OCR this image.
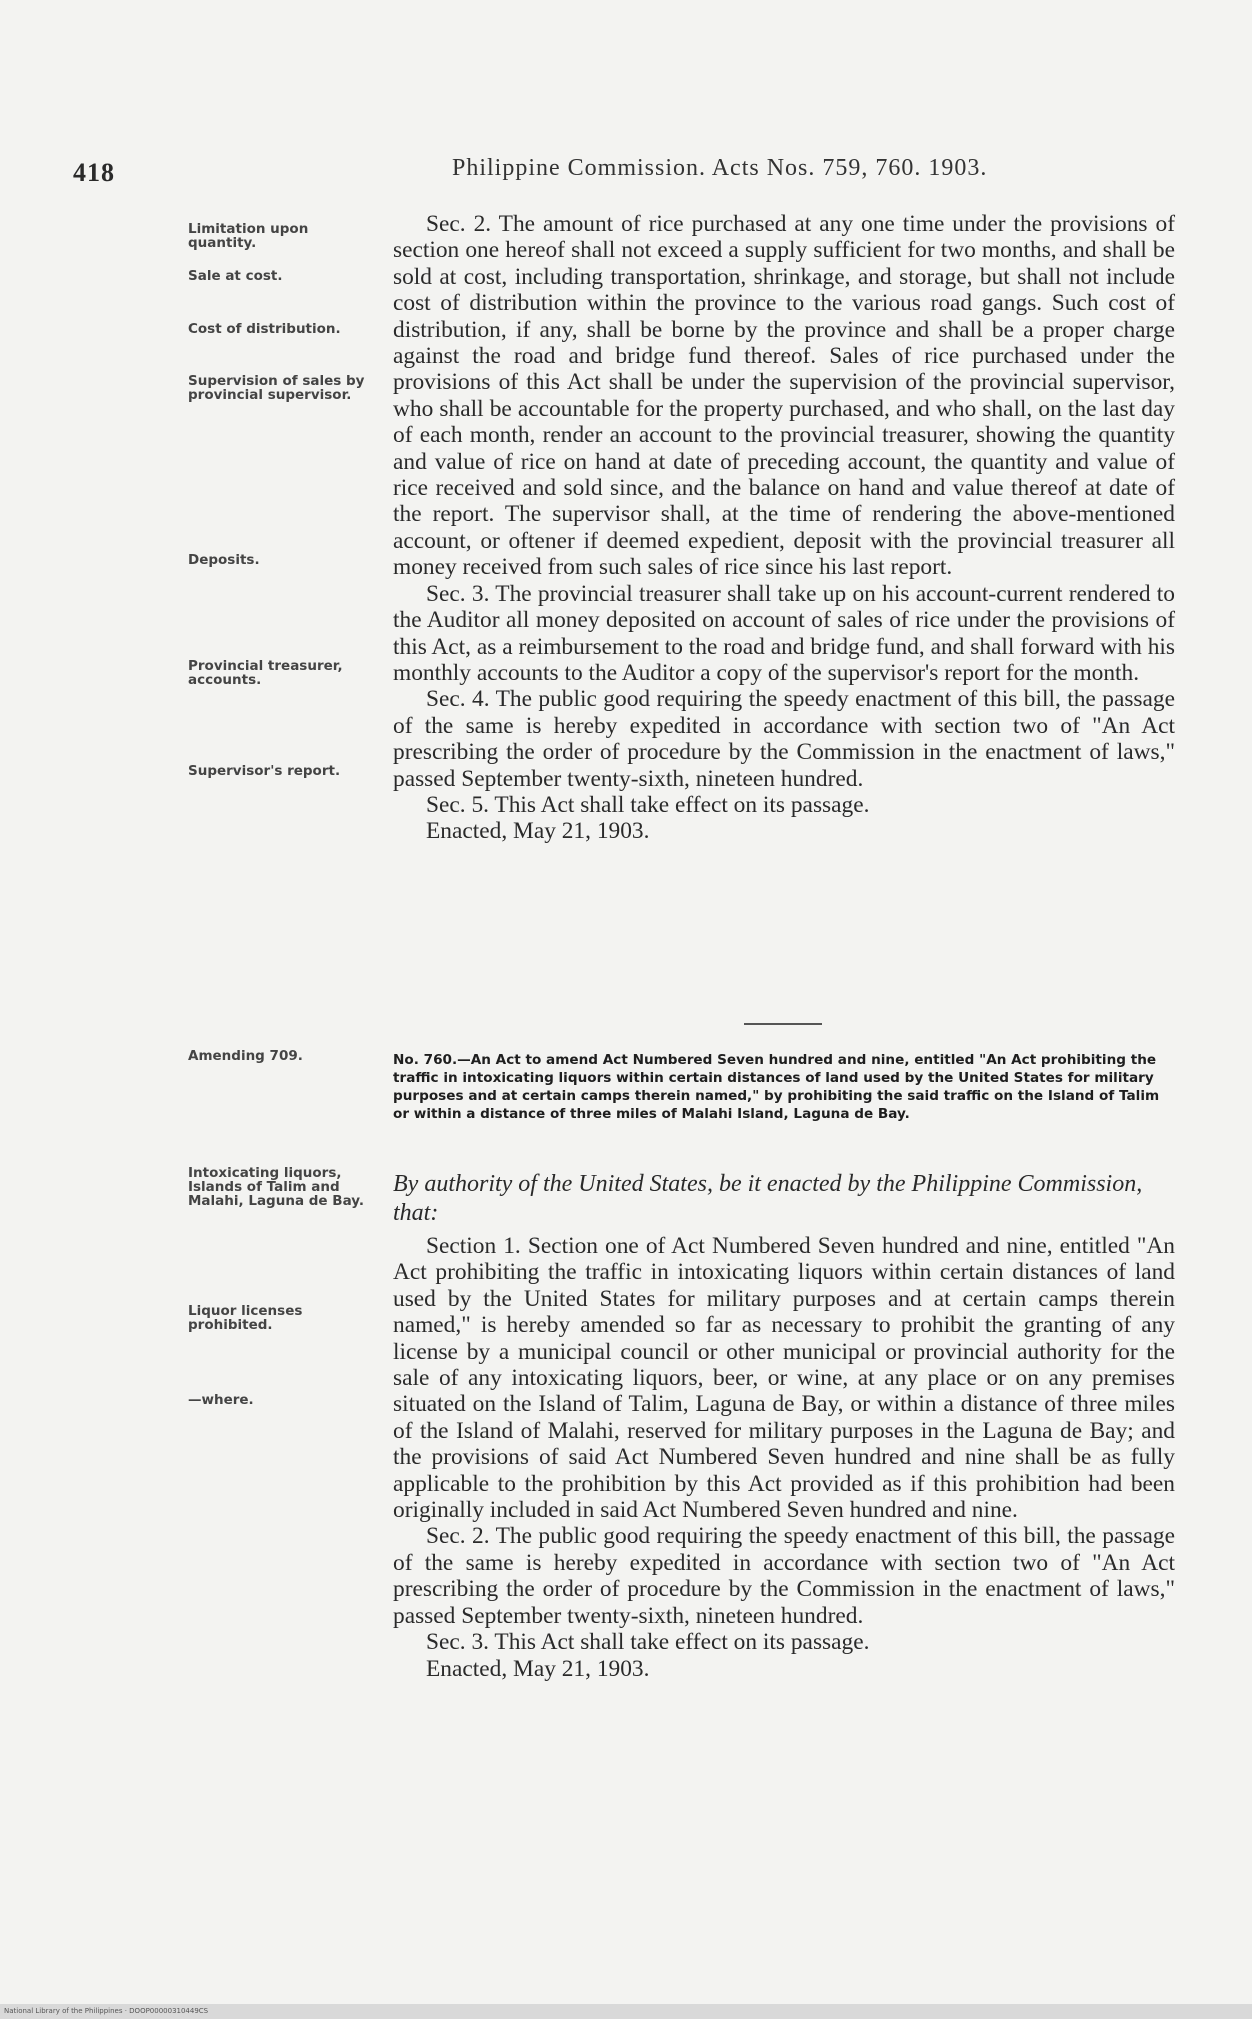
418	Philippine Commission. Acts Nos. 759, 760. 1903.
Limitation upon quantity.
Sale at cost.
Cost of distribution.
Supervision of sales by provincial supervisor.
Deposits.
Provincial treasurer, accounts.
Supervisor's report.
Amending 709.
Intoxicating liquors, Islands of Talim and Malahi, Laguna de Bay.
Liquor licenses prohibited.
—where.

Sec. 2. The amount of rice purchased at any one time under the provisions of section one hereof shall not exceed a supply sufficient for two months, and shall be sold at cost, including transportation, shrinkage, and storage, but shall not include cost of distribution within the province to the various road gangs. Such cost of distribution, if any, shall be borne by the province and shall be a proper charge against the road and bridge fund thereof. Sales of rice purchased under the provisions of this Act shall be under the supervision of the provincial supervisor, who shall be accountable for the property purchased, and who shall, on the last day of each month, render an account to the provincial treasurer, showing the quantity and value of rice on hand at date of preceding account, the quantity and value of rice received and sold since, and the balance on hand and value thereof at date of the report. The supervisor shall, at the time of rendering the above-mentioned account, or oftener if deemed expedient, deposit with the provincial treasurer all money received from such sales of rice since his last report.

Sec. 3. The provincial treasurer shall take up on his account-current rendered to the Auditor all money deposited on account of sales of rice under the provisions of this Act, as a reimbursement to the road and bridge fund, and shall forward with his monthly accounts to the Auditor a copy of the supervisor's report for the month.

Sec. 4. The public good requiring the speedy enactment of this bill, the passage of the same is hereby expedited in accordance with section two of "An Act prescribing the order of procedure by the Commission in the enactment of laws," passed September twenty-sixth, nineteen hundred.

Sec. 5. This Act shall take effect on its passage.

Enacted, May 21, 1903.

No. 760.—An Act to amend Act Numbered Seven hundred and nine, entitled "An Act prohibiting the traffic in intoxicating liquors within certain distances of land used by the United States for military purposes and at certain camps therein named," by prohibiting the said traffic on the Island of Talim or within a distance of three miles of Malahi Island, Laguna de Bay.
By authority of the United States, be it enacted by the Philippine Commission, that:

Section 1. Section one of Act Numbered Seven hundred and nine, entitled "An Act prohibiting the traffic in intoxicating liquors within certain distances of land used by the United States for military purposes and at certain camps therein named," is hereby amended so far as necessary to prohibit the granting of any license by a municipal council or other municipal or provincial authority for the sale of any intoxicating liquors, beer, or wine, at any place or on any premises situated on the Island of Talim, Laguna de Bay, or within a distance of three miles of the Island of Malahi, reserved for military purposes in the Laguna de Bay; and the provisions of said Act Numbered Seven hundred and nine shall be as fully applicable to the prohibition by this Act provided as if this prohibition had been originally included in said Act Numbered Seven hundred and nine.

Sec. 2. The public good requiring the speedy enactment of this bill, the passage of the same is hereby expedited in accordance with section two of "An Act prescribing the order of procedure by the Commission in the enactment of laws," passed September twenty-sixth, nineteen hundred.

Sec. 3. This Act shall take effect on its passage.

Enacted, May 21, 1903.

National Library of the Philippines · DOOP00000310449CS
